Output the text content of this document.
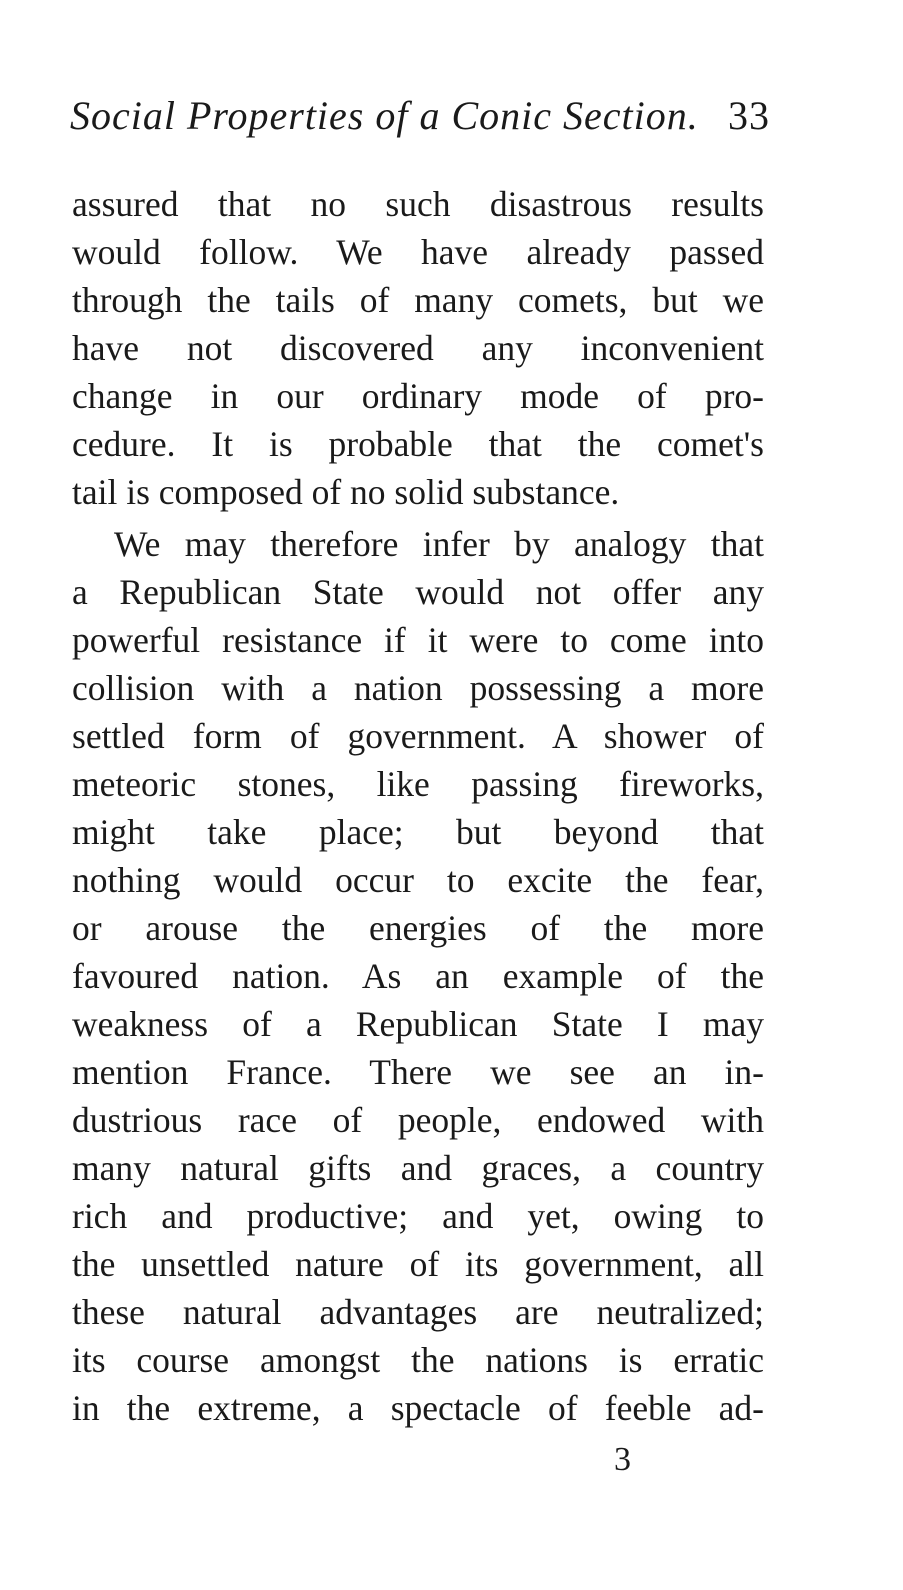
Social Properties of a Conic Section. 33
assured that no such disastrous results
would follow. We have already passed
through the tails of many comets, but we
have not discovered any inconvenient
change in our ordinary mode of pro-
cedure. It is probable that the comet's
tail is composed of no solid substance.
We may therefore infer by analogy that
a Republican State would not offer any
powerful resistance if it were to come into
collision with a nation possessing a more
settled form of government. A shower of
meteoric stones, like passing fireworks,
might take place; but beyond that
nothing would occur to excite the fear,
or arouse the energies of the more
favoured nation. As an example of the
weakness of a Republican State I may
mention France. There we see an in-
dustrious race of people, endowed with
many natural gifts and graces, a country
rich and productive; and yet, owing to
the unsettled nature of its government, all
these natural advantages are neutralized;
its course amongst the nations is erratic
in the extreme, a spectacle of feeble ad-
3
